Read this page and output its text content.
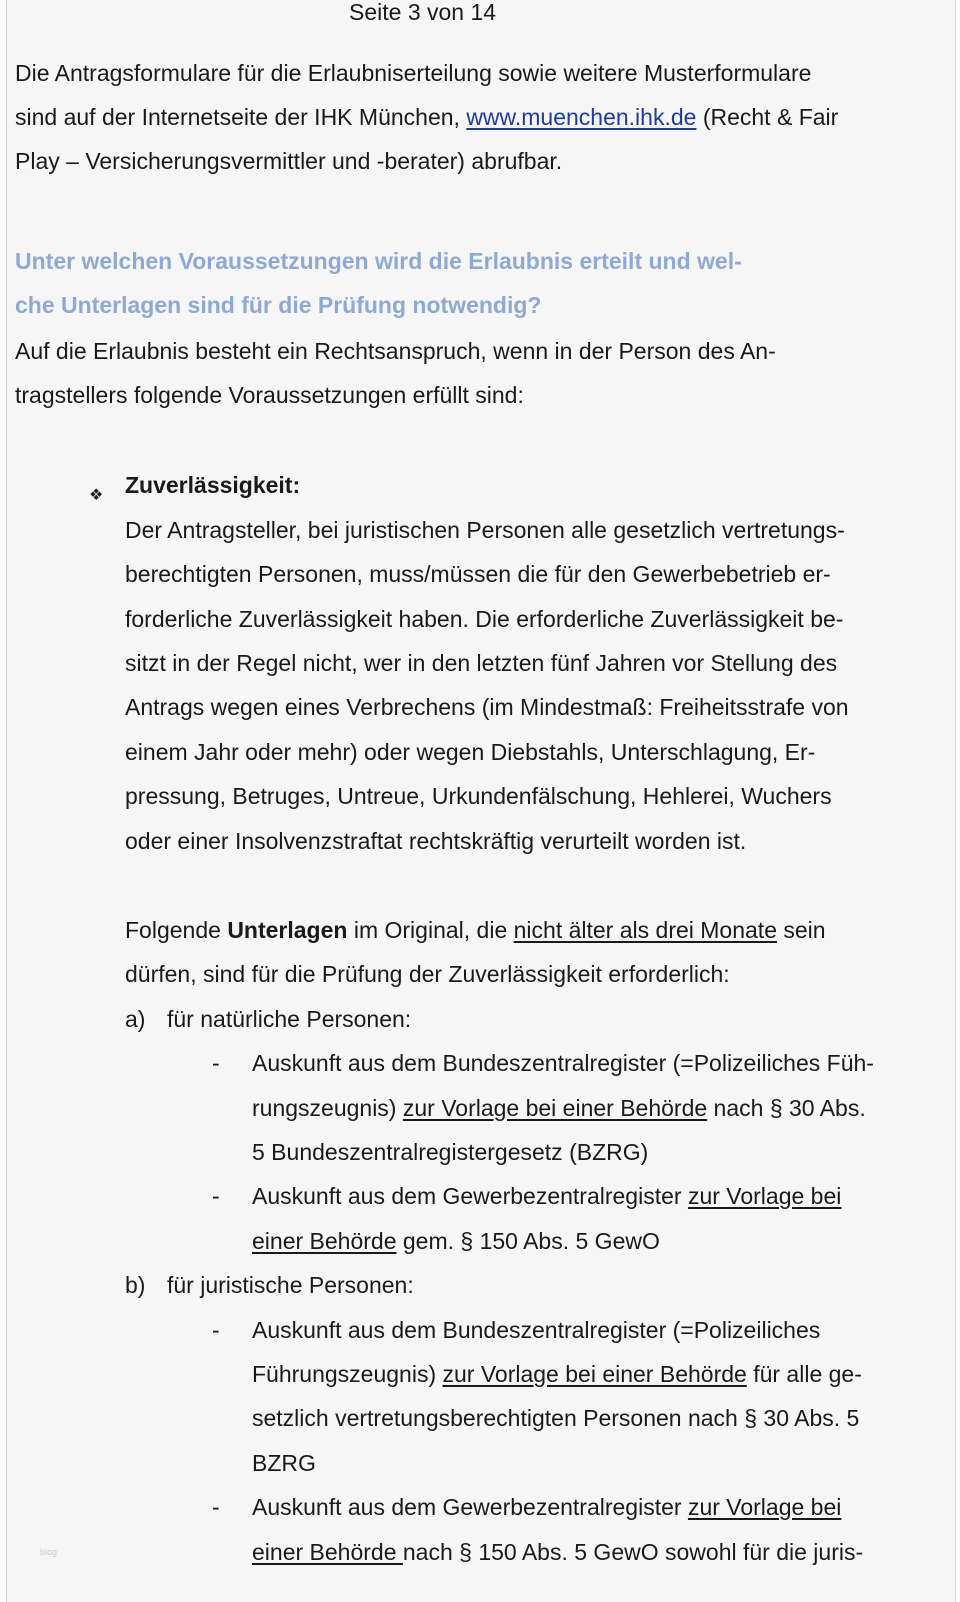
Seite 3 von 14
Die Antragsformulare für die Erlaubniserteilung sowie weitere Musterformulare
sind auf der Internetseite der IHK München, www.muenchen.ihk.de (Recht & Fair
Play – Versicherungsvermittler und -berater) abrufbar.
Unter welchen Voraussetzungen wird die Erlaubnis erteilt und wel-
che Unterlagen sind für die Prüfung notwendig?
Auf die Erlaubnis besteht ein Rechtsanspruch, wenn in der Person des An-
tragstellers folgende Voraussetzungen erfüllt sind:
❖ Zuverlässigkeit:
Der Antragsteller, bei juristischen Personen alle gesetzlich vertretungs-
berechtigten Personen, muss/müssen die für den Gewerbebetrieb er-
forderliche Zuverlässigkeit haben. Die erforderliche Zuverlässigkeit be-
sitzt in der Regel nicht, wer in den letzten fünf Jahren vor Stellung des
Antrags wegen eines Verbrechens (im Mindestmaß: Freiheitsstrafe von
einem Jahr oder mehr) oder wegen Diebstahls, Unterschlagung, Er-
pressung, Betruges, Untreue, Urkundenfälschung, Hehlerei, Wuchers
oder einer Insolvenzstraftat rechtskräftig verurteilt worden ist.
Folgende Unterlagen im Original, die nicht älter als drei Monate sein
dürfen, sind für die Prüfung der Zuverlässigkeit erforderlich:
a) für natürliche Personen:
- Auskunft aus dem Bundeszentralregister (=Polizeiliches Füh-
rungszeugnis) zur Vorlage bei einer Behörde nach § 30 Abs.
5 Bundeszentralregistergesetz (BZRG)
- Auskunft aus dem Gewerbezentralregister zur Vorlage bei
einer Behörde gem. § 150 Abs. 5 GewO
b) für juristische Personen:
- Auskunft aus dem Bundeszentralregister (=Polizeiliches
Führungszeugnis) zur Vorlage bei einer Behörde für alle ge-
setzlich vertretungsberechtigten Personen nach § 30 Abs. 5
BZRG
- Auskunft aus dem Gewerbezentralregister zur Vorlage bei
einer Behörde nach § 150 Abs. 5 GewO sowohl für die juris-
blog
